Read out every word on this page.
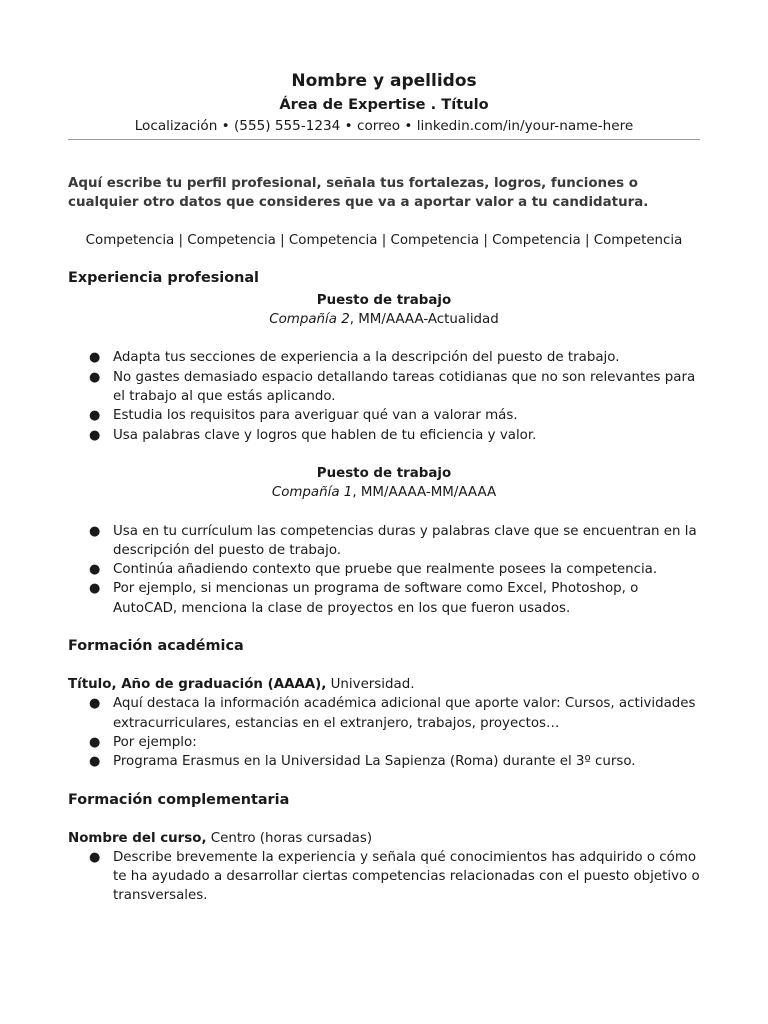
Nombre y apellidos
Área de Expertise . Título
Localización • (555) 555-1234 • correo • linkedin.com/in/your-name-here
Aquí escribe tu perfil profesional, señala tus fortalezas, logros, funciones o cualquier otro datos que consideres que va a aportar valor a tu candidatura.
Competencia | Competencia | Competencia | Competencia | Competencia | Competencia
Experiencia profesional
Puesto de trabajo
Compañía 2, MM/AAAA-Actualidad
● Adapta tus secciones de experiencia a la descripción del puesto de trabajo.
● No gastes demasiado espacio detallando tareas cotidianas que no son relevantes para el trabajo al que estás aplicando.
● Estudia los requisitos para averiguar qué van a valorar más.
● Usa palabras clave y logros que hablen de tu eficiencia y valor.
Puesto de trabajo
Compañía 1, MM/AAAA-MM/AAAA
● Usa en tu currículum las competencias duras y palabras clave que se encuentran en la descripción del puesto de trabajo.
● Continúa añadiendo contexto que pruebe que realmente posees la competencia.
● Por ejemplo, si mencionas un programa de software como Excel, Photoshop, o AutoCAD, menciona la clase de proyectos en los que fueron usados.
Formación académica
Título, Año de graduación (AAAA), Universidad.
● Aquí destaca la información académica adicional que aporte valor: Cursos, actividades extracurriculares, estancias en el extranjero, trabajos, proyectos…
● Por ejemplo:
● Programa Erasmus en la Universidad La Sapienza (Roma) durante el 3º curso.
Formación complementaria
Nombre del curso, Centro (horas cursadas)
● Describe brevemente la experiencia y señala qué conocimientos has adquirido o cómo te ha ayudado a desarrollar ciertas competencias relacionadas con el puesto objetivo o transversales.
